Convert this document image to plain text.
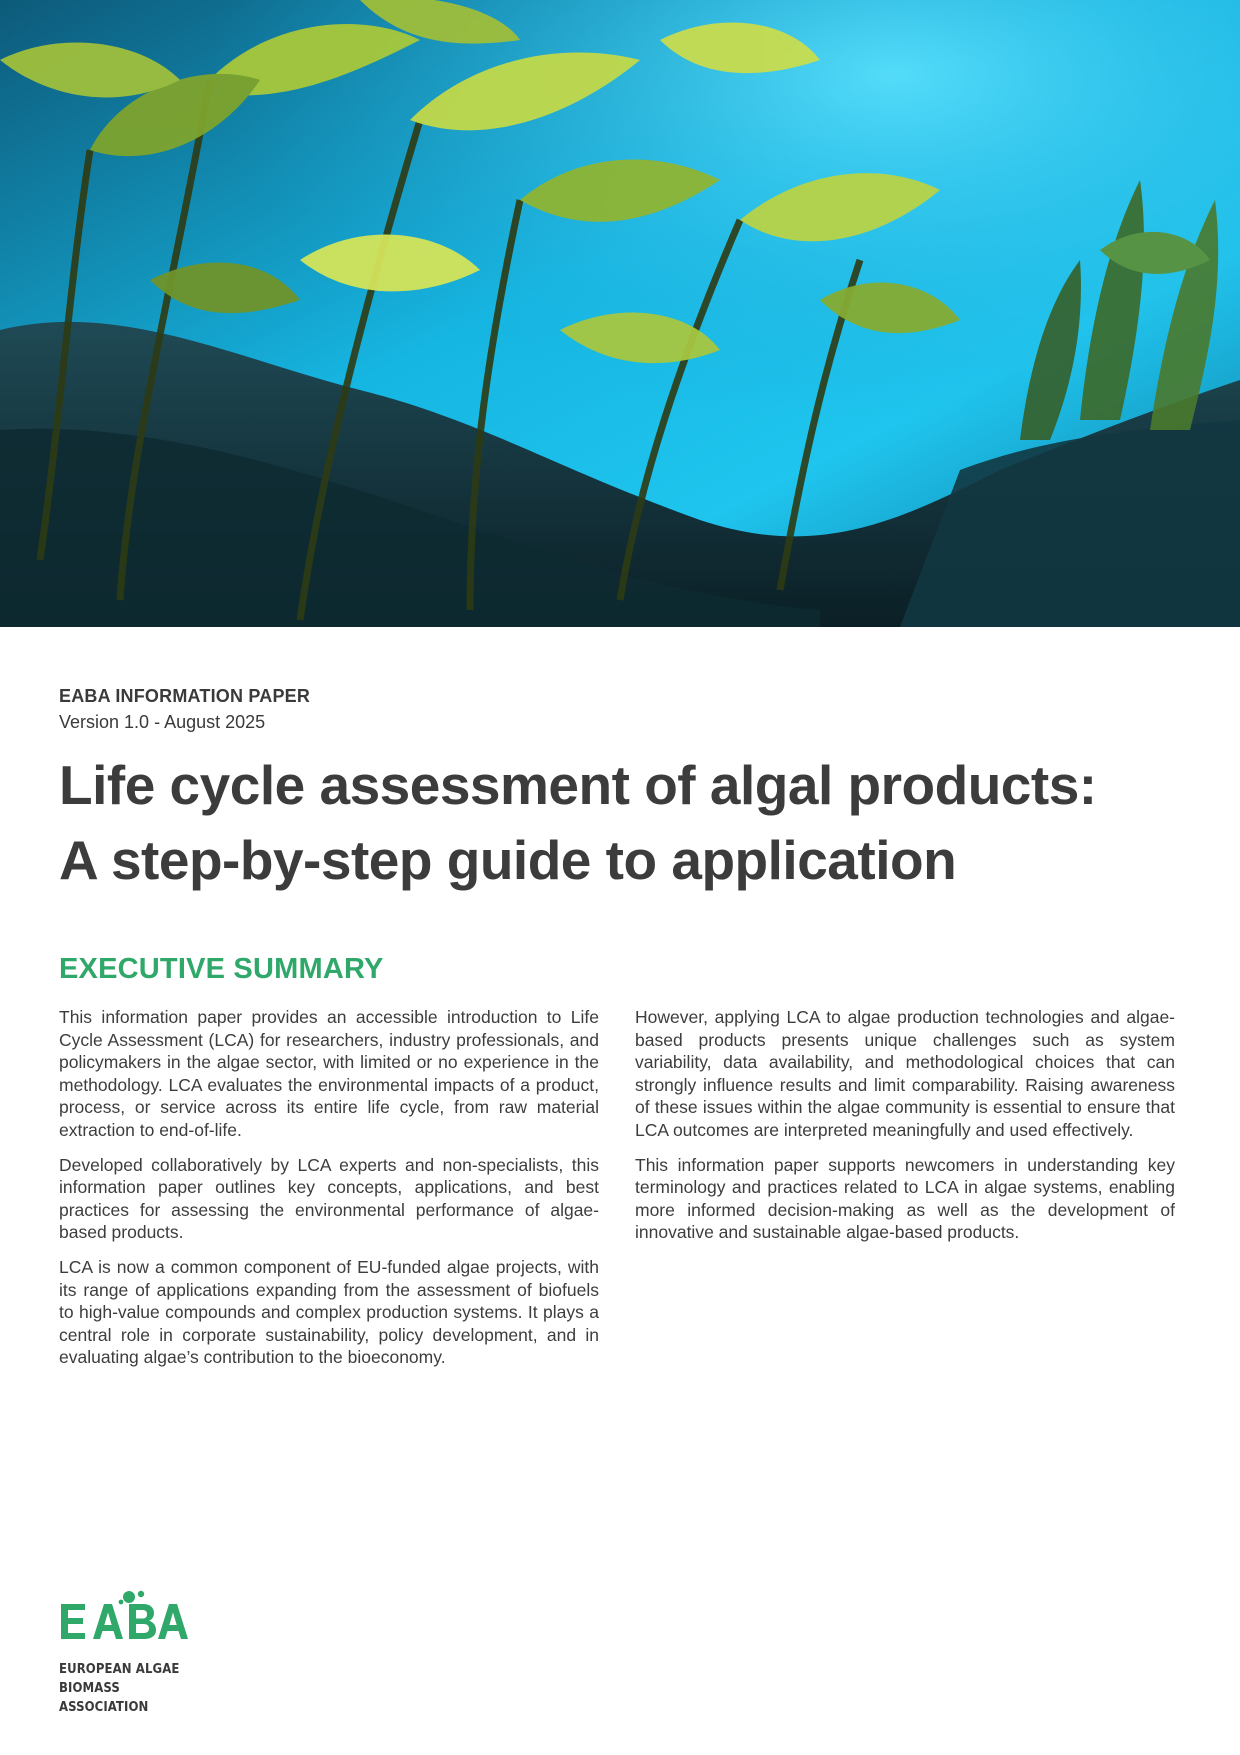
EABA INFORMATION PAPER
Version 1.0 - August 2025
Life cycle assessment of algal products:
A step-by-step guide to application
EXECUTIVE SUMMARY

This information paper provides an accessible introduction to Life Cycle Assessment (LCA) for researchers, industry professionals, and policymakers in the algae sector, with limited or no experience in the methodology. LCA evaluates the environmental impacts of a product, process, or service across its entire life cycle, from raw material extraction to end-of-life.

Developed collaboratively by LCA experts and non-specialists, this information paper outlines key concepts, applications, and best practices for assessing the environmental performance of algae-based products.

LCA is now a common component of EU-funded algae projects, with its range of applications expanding from the assessment of biofuels to high-value compounds and complex production systems. It plays a central role in corporate sustainability, policy development, and in evaluating algae’s contribution to the bioeconomy.

However, applying LCA to algae production technologies and algae-based products presents unique challenges such as system variability, data availability, and methodological choices that can strongly influence results and limit comparability. Raising awareness of these issues within the algae community is essential to ensure that LCA outcomes are interpreted meaningfully and used effectively.

This information paper supports newcomers in understanding key terminology and practices related to LCA in algae systems, enabling more informed decision-making as well as the development of innovative and sustainable algae-based products.

EUROPEAN ALGAE
BIOMASS ASSOCIATION
